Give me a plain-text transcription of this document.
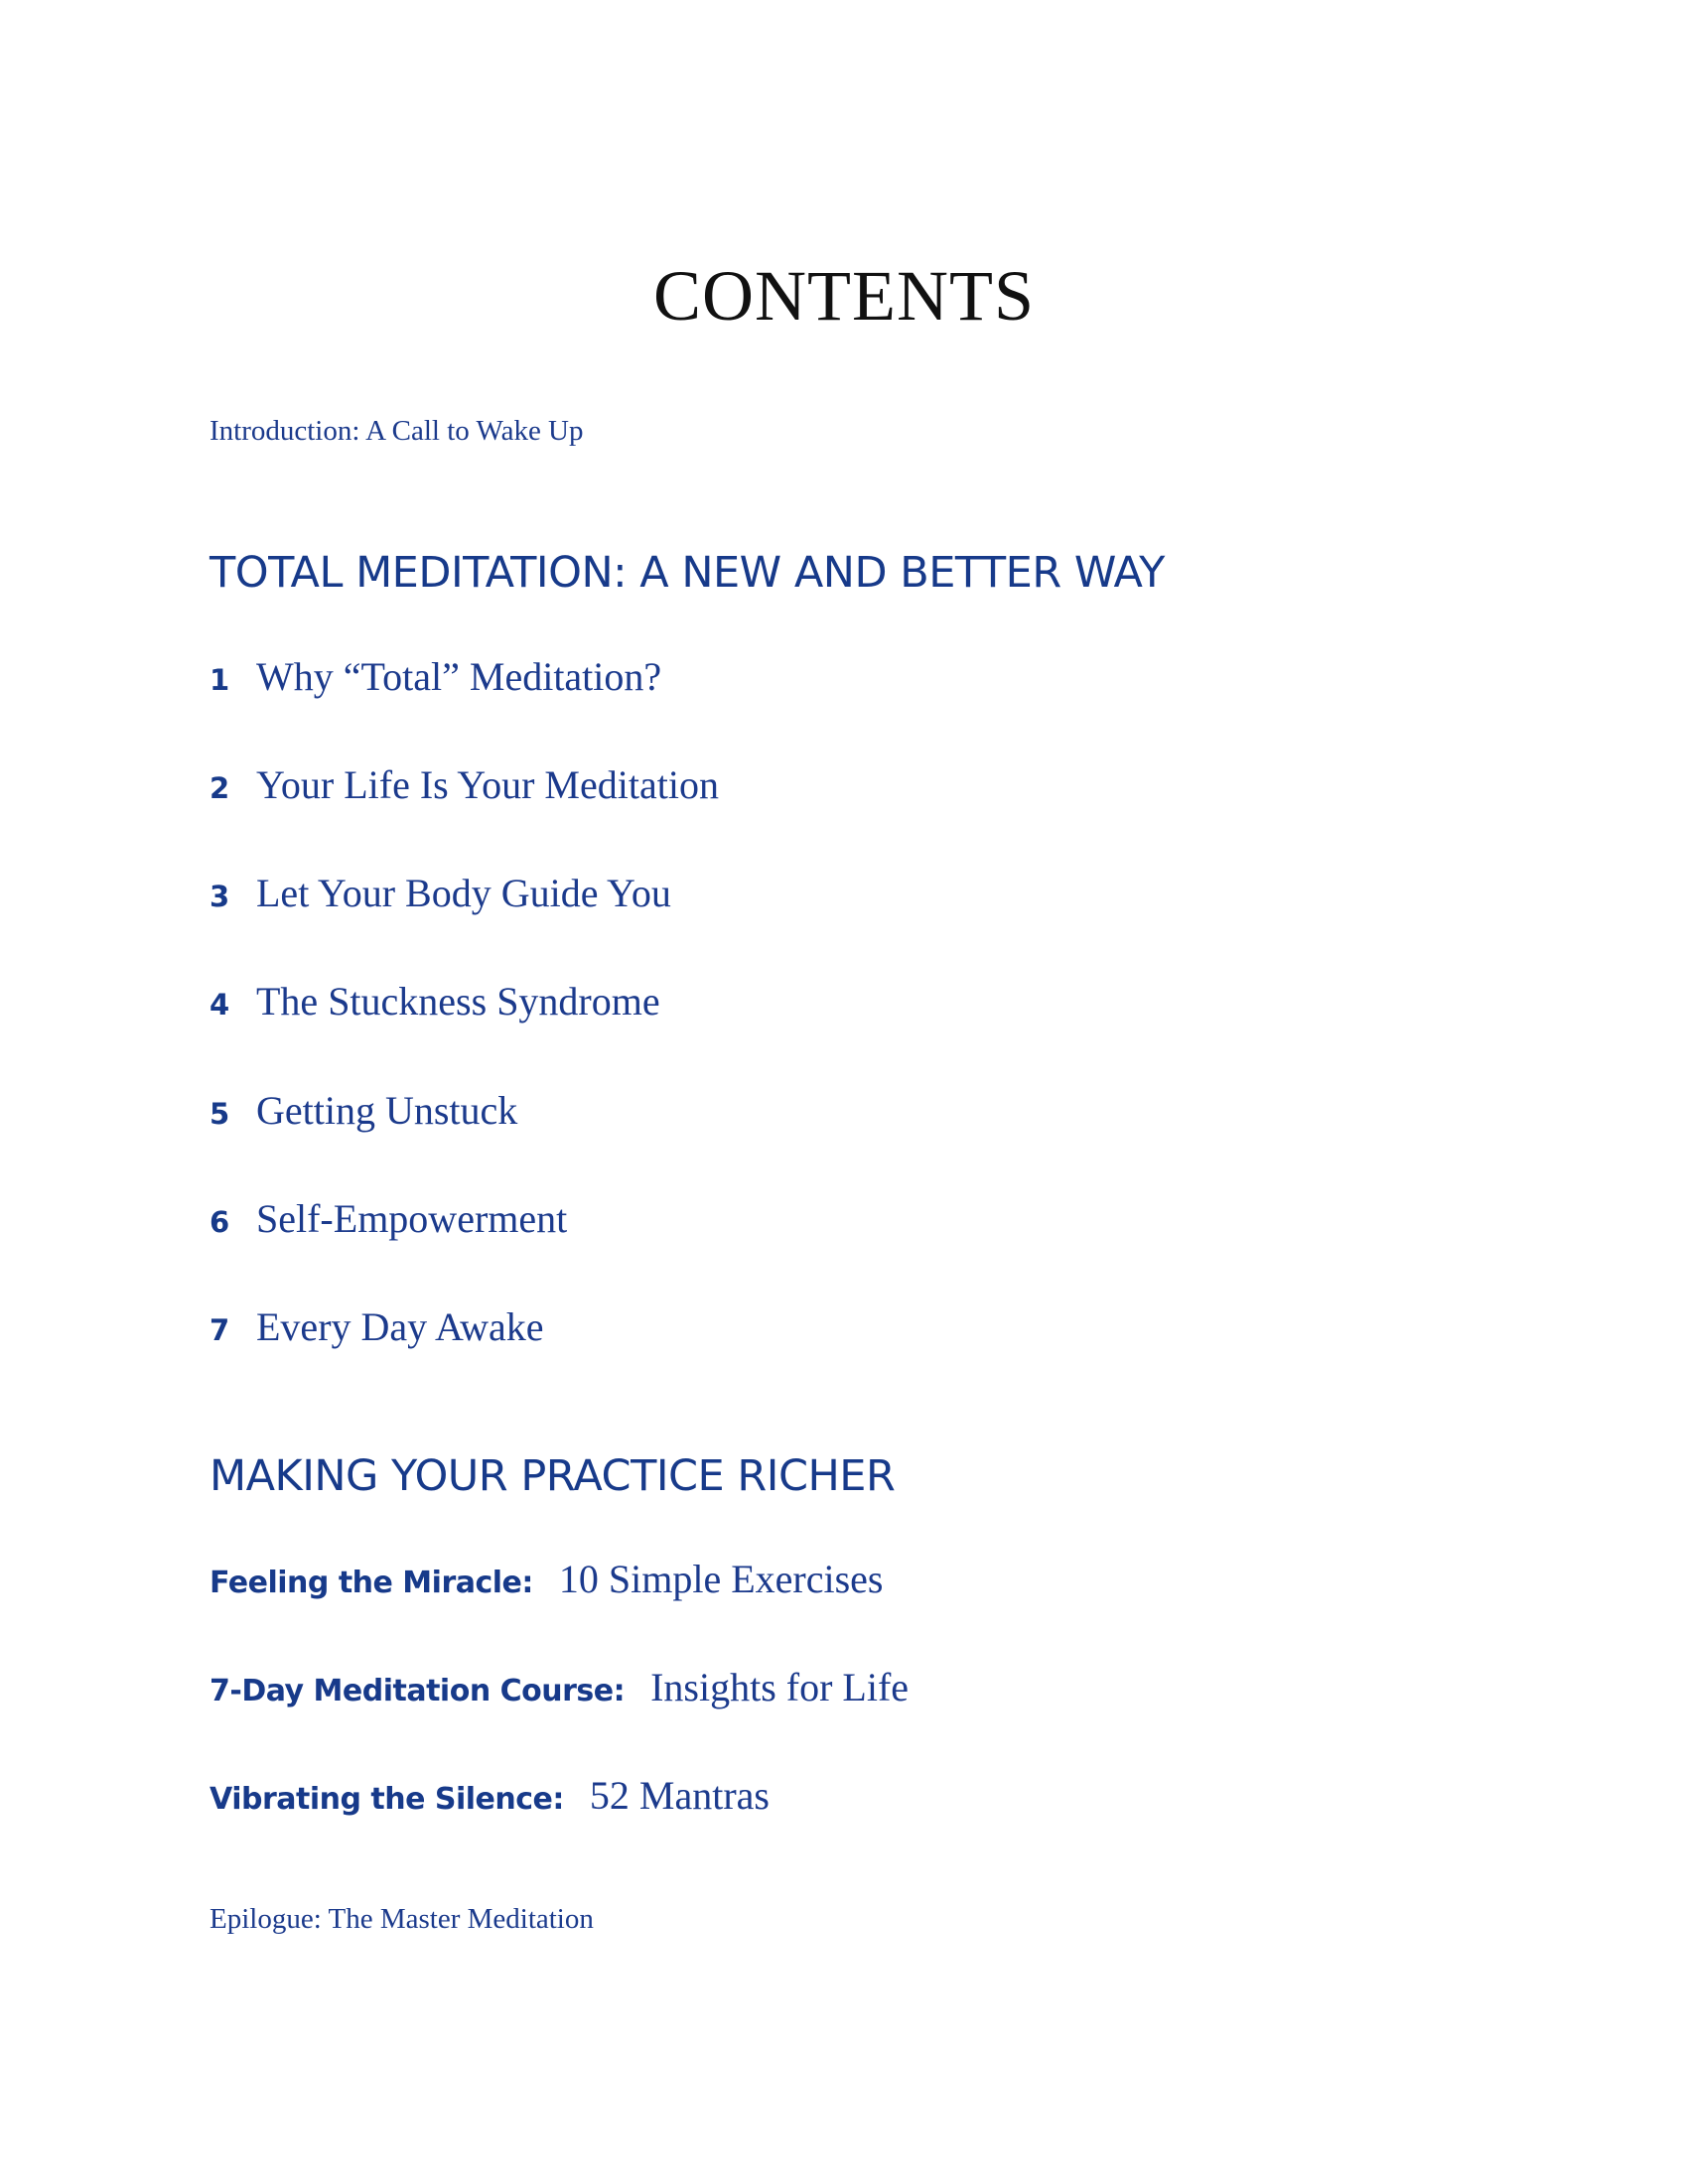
CONTENTS
Introduction: A Call to Wake Up
TOTAL MEDITATION: A NEW AND BETTER WAY
1 Why “Total” Meditation?
2 Your Life Is Your Meditation
3 Let Your Body Guide You
4 The Stuckness Syndrome
5 Getting Unstuck
6 Self-Empowerment
7 Every Day Awake
MAKING YOUR PRACTICE RICHER
Feeling the Miracle: 10 Simple Exercises
7-Day Meditation Course: Insights for Life
Vibrating the Silence: 52 Mantras
Epilogue: The Master Meditation
